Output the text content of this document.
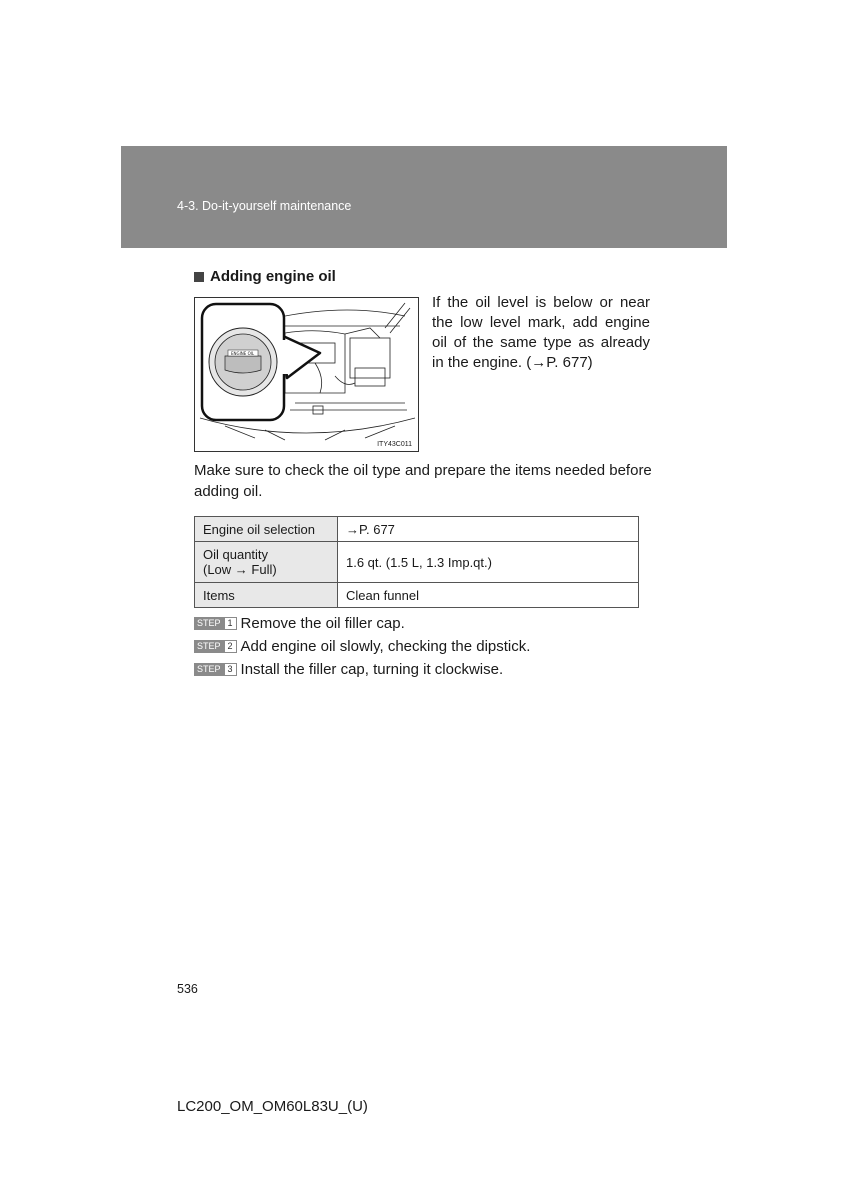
4-3. Do-it-yourself maintenance
Adding engine oil
ENGINE OIL
ITY43C011
If the oil level is below or near the low level mark, add engine oil of the same type as already in the engine. (→P. 677)
Make sure to check the oil type and prepare the items needed before adding oil.
Engine oil selection	→P. 677

Oil quantity
(Low → Full)	1.6 qt. (1.5 L, 1.3 Imp.qt.)
Items	Clean funnel
STEP 1 Remove the oil filler cap.
STEP 2 Add engine oil slowly, checking the dipstick.
STEP 3 Install the filler cap, turning it clockwise.
536
LC200_OM_OM60L83U_(U)
